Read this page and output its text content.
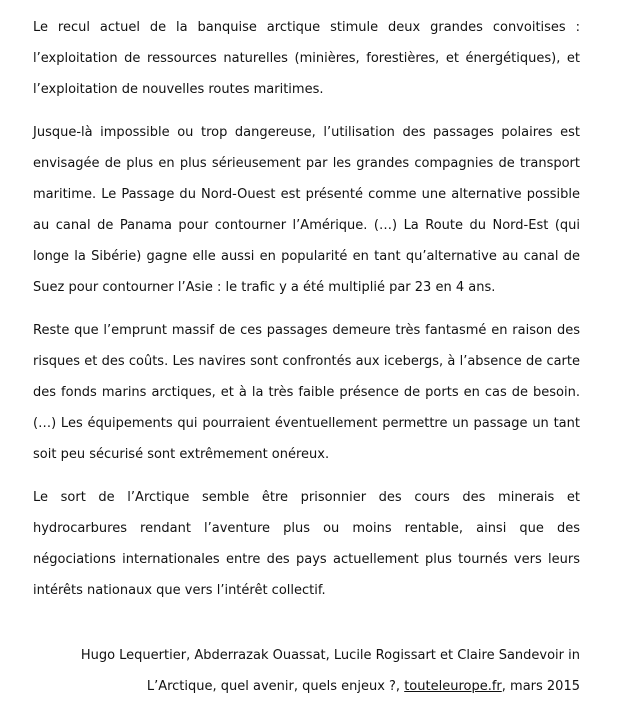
Le recul actuel de la banquise arctique stimule deux grandes convoitises : l’exploitation de ressources naturelles (minières, forestières, et énergétiques), et l’exploitation de nouvelles routes maritimes.

Jusque-là impossible ou trop dangereuse, l’utilisation des passages polaires est envisagée de plus en plus sérieusement par les grandes compagnies de transport maritime. Le Passage du Nord-Ouest est présenté comme une alternative possible au canal de Panama pour contourner l’Amérique. (…) La Route du Nord-Est (qui longe la Sibérie) gagne elle aussi en popularité en tant qu’alternative au canal de Suez pour contourner l’Asie : le trafic y a été multiplié par 23 en 4 ans.

Reste que l’emprunt massif de ces passages demeure très fantasmé en raison des risques et des coûts. Les navires sont confrontés aux icebergs, à l’absence de carte des fonds marins arctiques, et à la très faible présence de ports en cas de besoin. (…) Les équipements qui pourraient éventuellement permettre un passage un tant soit peu sécurisé sont extrêmement onéreux.

Le sort de l’Arctique semble être prisonnier des cours des minerais et hydrocarbures rendant l’aventure plus ou moins rentable, ainsi que des négociations internationales entre des pays actuellement plus tournés vers leurs intérêts nationaux que vers l’intérêt collectif.

Hugo Lequertier, Abderrazak Ouassat, Lucile Rogissart et Claire Sandevoir in
L’Arctique, quel avenir, quels enjeux ?, touteleurope.fr, mars 2015
